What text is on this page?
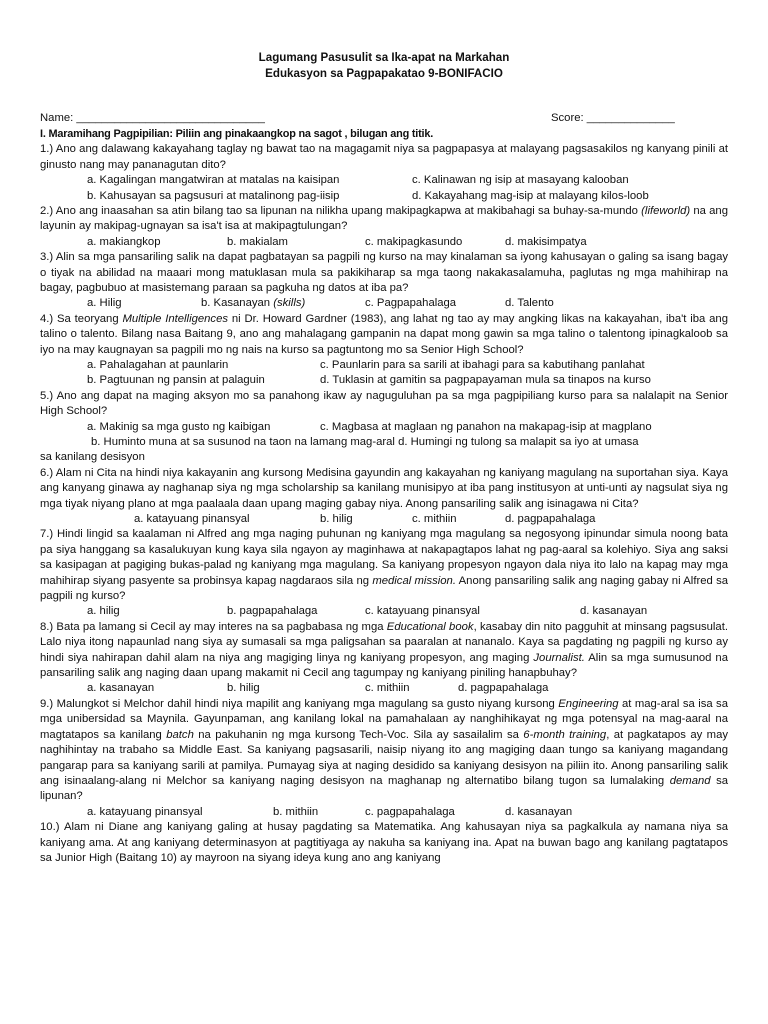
Lagumang Pasusulit sa Ika-apat na Markahan
Edukasyon sa Pagpapakatao 9-BONIFACIO
Name: ______________________________	Score: ______________
I. Maramihang Pagpipilian: Piliin ang pinakaangkop na sagot , bilugan ang titik.
1.) Ano ang dalawang kakayahang taglay ng bawat tao na magagamit niya sa pagpapasya at malayang pagsasakilos ng kanyang pinili at ginusto nang may pananagutan dito?
a. Kagalingan mangatwiran at matalas na kaisipan	c. Kalinawan ng isip at masayang kalooban
b. Kahusayan sa pagsusuri at matalinong pag-iisip	d. Kakayahang mag-isip at malayang kilos-loob
2.) Ano ang inaasahan sa atin bilang tao sa lipunan na nilikha upang makipagkapwa at makibahagi sa buhay-sa-mundo (lifeworld) na ang layunin ay makipag-ugnayan sa isa't isa at makipagtulungan?
a. makiangkop	b. makialam	c. makipagkasundo	d. makisimpatya
3.) Alin sa mga pansariling salik na dapat pagbatayan sa pagpili ng kurso na may kinalaman sa iyong kahusayan o galing sa isang bagay o tiyak na abilidad na maaari mong matuklasan mula sa pakikiharap sa mga taong nakakasalamuha, paglutas ng mga mahihirap na bagay, pagbubuo at masistemang paraan sa pagkuha ng datos at iba pa?
a. Hilig	b. Kasanayan (skills)	c. Pagpapahalaga	d. Talento
4.) Sa teoryang Multiple Intelligences ni Dr. Howard Gardner (1983), ang lahat ng tao ay may angking likas na kakayahan, iba't iba ang talino o talento. Bilang nasa Baitang 9, ano ang mahalagang gampanin na dapat mong gawin sa mga talino o talentong ipinagkaloob sa iyo na may kaugnayan sa pagpili mo ng nais na kurso sa pagtuntong mo sa Senior High School?
a. Pahalagahan at paunlarin	c. Paunlarin para sa sarili at ibahagi para sa kabutihang panlahat
b. Pagtuunan ng pansin at palaguin	d. Tuklasin at gamitin sa pagpapayaman mula sa tinapos na kurso
5.) Ano ang dapat na maging aksyon mo sa panahong ikaw ay naguguluhan pa sa mga pagpipiliang kurso para sa nalalapit na Senior High School?
a. Makinig sa mga gusto ng kaibigan	c. Magbasa at maglaan ng panahon na makapag-isip at magplano
b. Huminto muna at sa susunod na taon na lamang mag-aral d. Humingi ng tulong sa malapit sa iyo at umasa
sa kanilang desisyon
6.) Alam ni Cita na hindi niya kakayanin ang kursong Medisina gayundin ang kakayahan ng kaniyang magulang na suportahan siya. Kaya ang kanyang ginawa ay naghanap siya ng mga scholarship sa kanilang munisipyo at iba pang institusyon at unti-unti ay nagsulat siya ng mga tiyak niyang plano at mga paalaala daan upang maging gabay niya. Anong pansariling salik ang isinagawa ni Cita?
a. katayuang pinansyal	b. hilig	c. mithiin	d. pagpapahalaga
7.) Hindi lingid sa kaalaman ni Alfred ang mga naging puhunan ng kaniyang mga magulang sa negosyong ipinundar simula noong bata pa siya hanggang sa kasalukuyan kung kaya sila ngayon ay maginhawa at nakapagtapos lahat ng pag-aaral sa kolehiyo. Siya ang saksi sa kasipagan at pagiging bukas-palad ng kaniyang mga magulang. Sa kaniyang propesyon ngayon dala niya ito lalo na kapag may mga mahihirap siyang pasyente sa probinsya kapag nagdaraos sila ng medical mission. Anong pansariling salik ang naging gabay ni Alfred sa pagpili ng kurso?
a. hilig	b. pagpapahalaga	c. katayuang pinansyal	d. kasanayan
8.) Bata pa lamang si Cecil ay may interes na sa pagbabasa ng mga Educational book, kasabay din nito pagguhit at minsang pagsusulat. Lalo niya itong napaunlad nang siya ay sumasali sa mga paligsahan sa paaralan at nananalo. Kaya sa pagdating ng pagpili ng kurso ay hindi siya nahirapan dahil alam na niya ang magiging linya ng kaniyang propesyon, ang maging Journalist. Alin sa mga sumusunod na pansariling salik ang naging daan upang makamit ni Cecil ang tagumpay ng kaniyang piniling hanapbuhay?
a. kasanayan	b. hilig	c. mithiin	d. pagpapahalaga
9.) Malungkot si Melchor dahil hindi niya mapilit ang kaniyang mga magulang sa gusto niyang kursong Engineering at mag-aral sa isa sa mga unibersidad sa Maynila. Gayunpaman, ang kanilang lokal na pamahalaan ay nanghihikayat ng mga potensyal na mag-aaral na magtatapos sa kanilang batch na pakuhanin ng mga kursong Tech-Voc. Sila ay sasailalim sa 6-month training, at pagkatapos ay may naghihintay na trabaho sa Middle East. Sa kaniyang pagsasarili, naisip niyang ito ang magiging daan tungo sa kaniyang magandang pangarap para sa kaniyang sarili at pamilya. Pumayag siya at naging desidido sa kaniyang desisyon na piliin ito. Anong pansariling salik ang isinaalang-alang ni Melchor sa kaniyang naging desisyon na maghanap ng alternatibo bilang tugon sa lumalaking demand sa lipunan?
a. katayuang pinansyal	b. mithiin	c. pagpapahalaga	d. kasanayan
10.) Alam ni Diane ang kaniyang galing at husay pagdating sa Matematika. Ang kahusayan niya sa pagkalkula ay namana niya sa kaniyang ama. At ang kaniyang determinasyon at pagtitiyaga ay nakuha sa kaniyang ina. Apat na buwan bago ang kanilang pagtatapos sa Junior High (Baitang 10) ay mayroon na siyang ideya kung ano ang kaniyang
